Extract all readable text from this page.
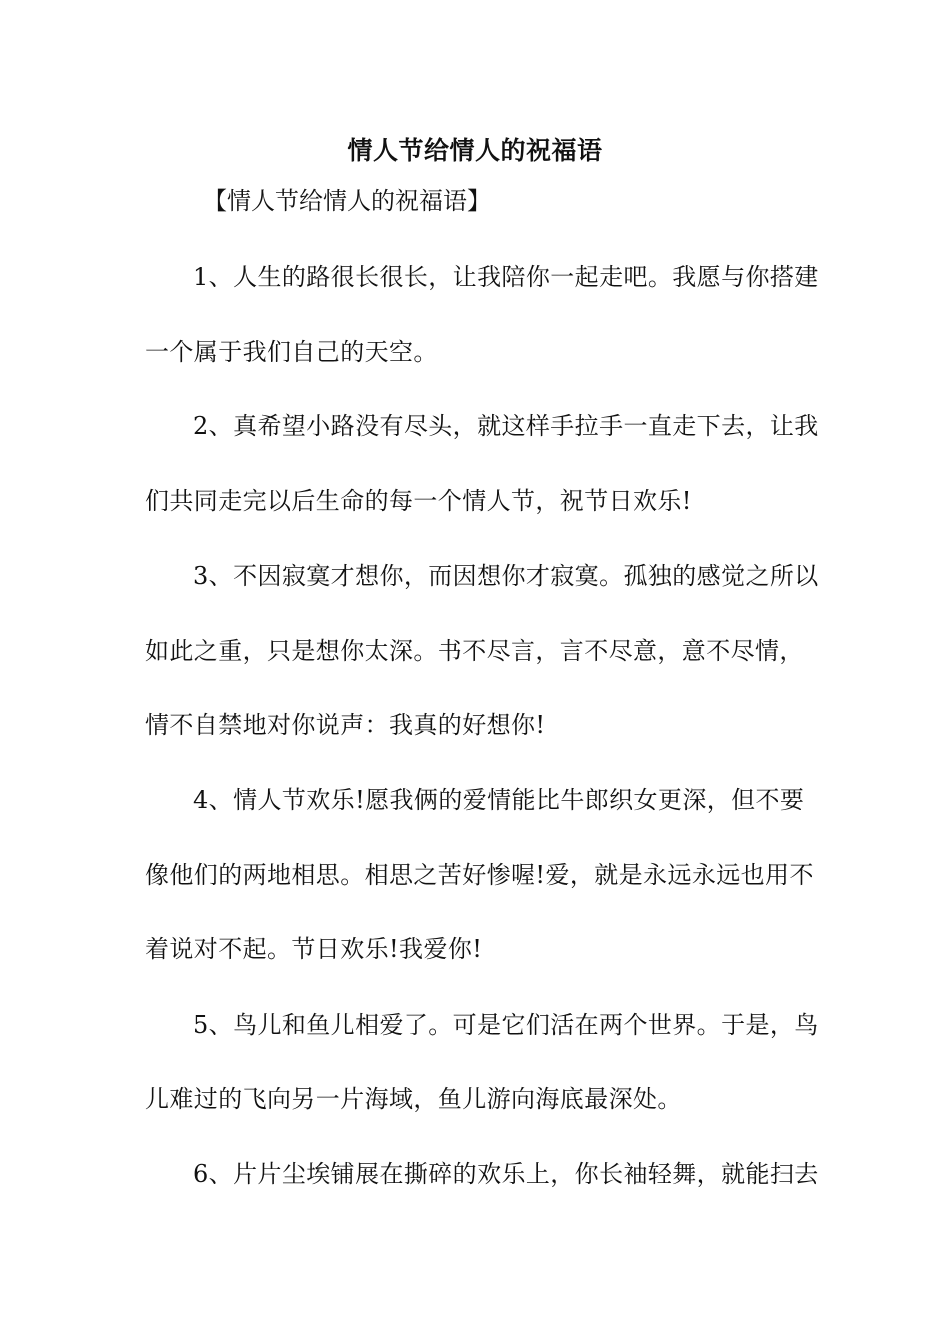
情人节给情人的祝福语
【情人节给情人的祝福语】
1、人生的路很长很长，让我陪你一起走吧。我愿与你搭建
一个属于我们自己的天空。
2、真希望小路没有尽头，就这样手拉手一直走下去，让我
们共同走完以后生命的每一个情人节，祝节日欢乐!
3、不因寂寞才想你，而因想你才寂寞。孤独的感觉之所以
如此之重，只是想你太深。书不尽言，言不尽意，意不尽情，
情不自禁地对你说声：我真的好想你!
4、情人节欢乐!愿我俩的爱情能比牛郎织女更深，但不要
像他们的两地相思。相思之苦好惨喔!爱，就是永远永远也用不
着说对不起。节日欢乐!我爱你!
5、鸟儿和鱼儿相爱了。可是它们活在两个世界。于是，鸟
儿难过的飞向另一片海域，鱼儿游向海底最深处。
6、片片尘埃铺展在撕碎的欢乐上，你长袖轻舞，就能扫去
